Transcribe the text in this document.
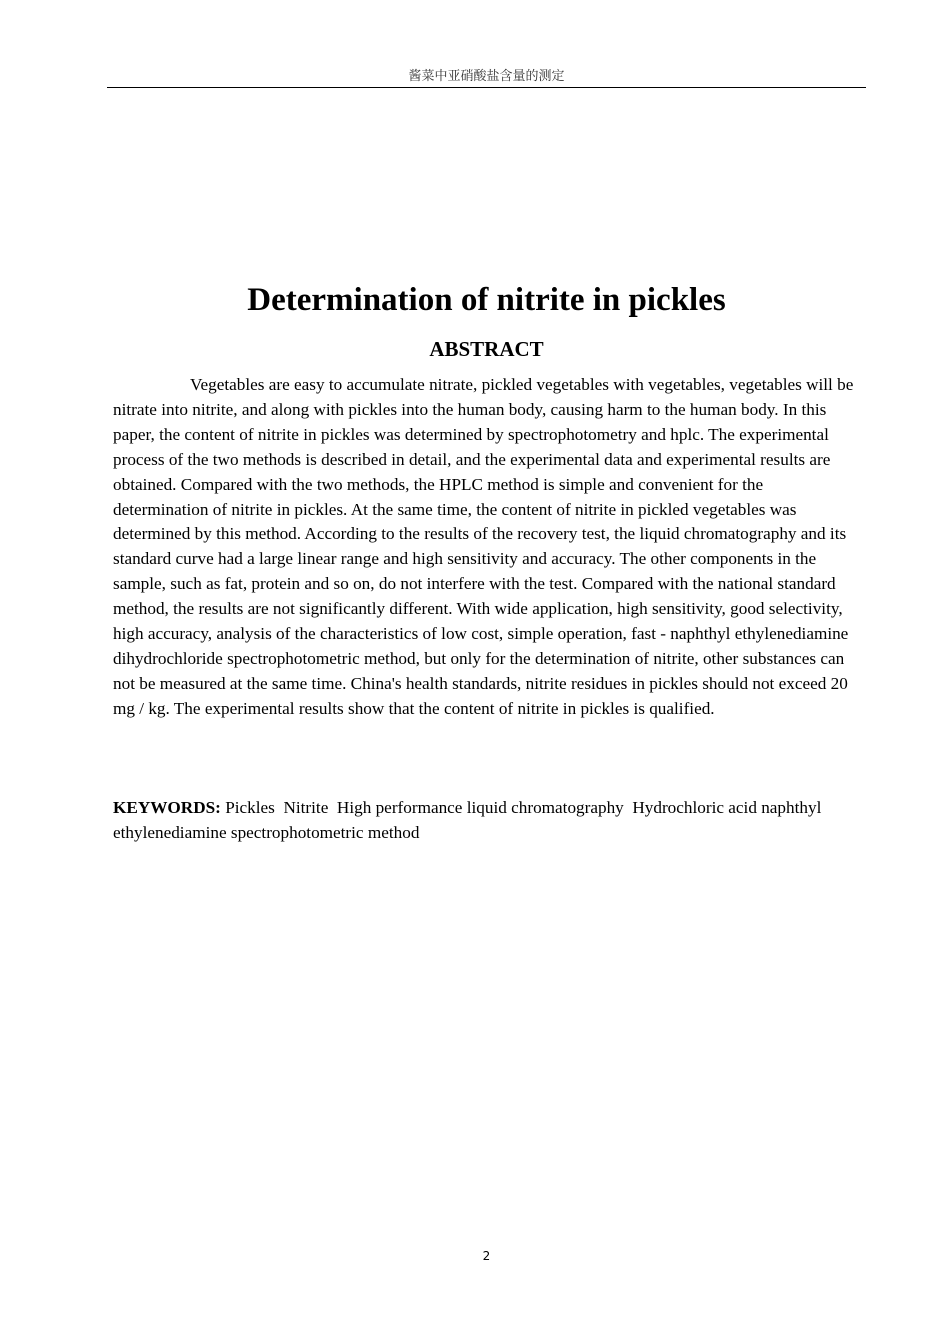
酱菜中亚硝酸盐含量的测定
Determination of nitrite in pickles
ABSTRACT

Vegetables are easy to accumulate nitrate, pickled vegetables with vegetables, vegetables will be nitrate into nitrite, and along with pickles into the human body, causing harm to the human body. In this paper, the content of nitrite in pickles was determined by spectrophotometry and hplc. The experimental process of the two methods is described in detail, and the experimental data and experimental results are obtained. Compared with the two methods, the HPLC method is simple and convenient for the determination of nitrite in pickles. At the same time, the content of nitrite in pickled vegetables was determined by this method. According to the results of the recovery test, the liquid chromatography and its standard curve had a large linear range and high sensitivity and accuracy. The other components in the sample, such as fat, protein and so on, do not interfere with the test. Compared with the national standard method, the results are not significantly different. With wide application, high sensitivity, good selectivity, high accuracy, analysis of the characteristics of low cost, simple operation, fast - naphthyl ethylenediamine dihydrochloride spectrophotometric method, but only for the determination of nitrite, other substances can not be measured at the same time. China's health standards, nitrite residues in pickles should not exceed 20 mg / kg. The experimental results show that the content of nitrite in pickles is qualified.

KEYWORDS: Pickles  Nitrite  High performance liquid chromatography  Hydrochloric acid naphthyl ethylenediamine spectrophotometric method

2
